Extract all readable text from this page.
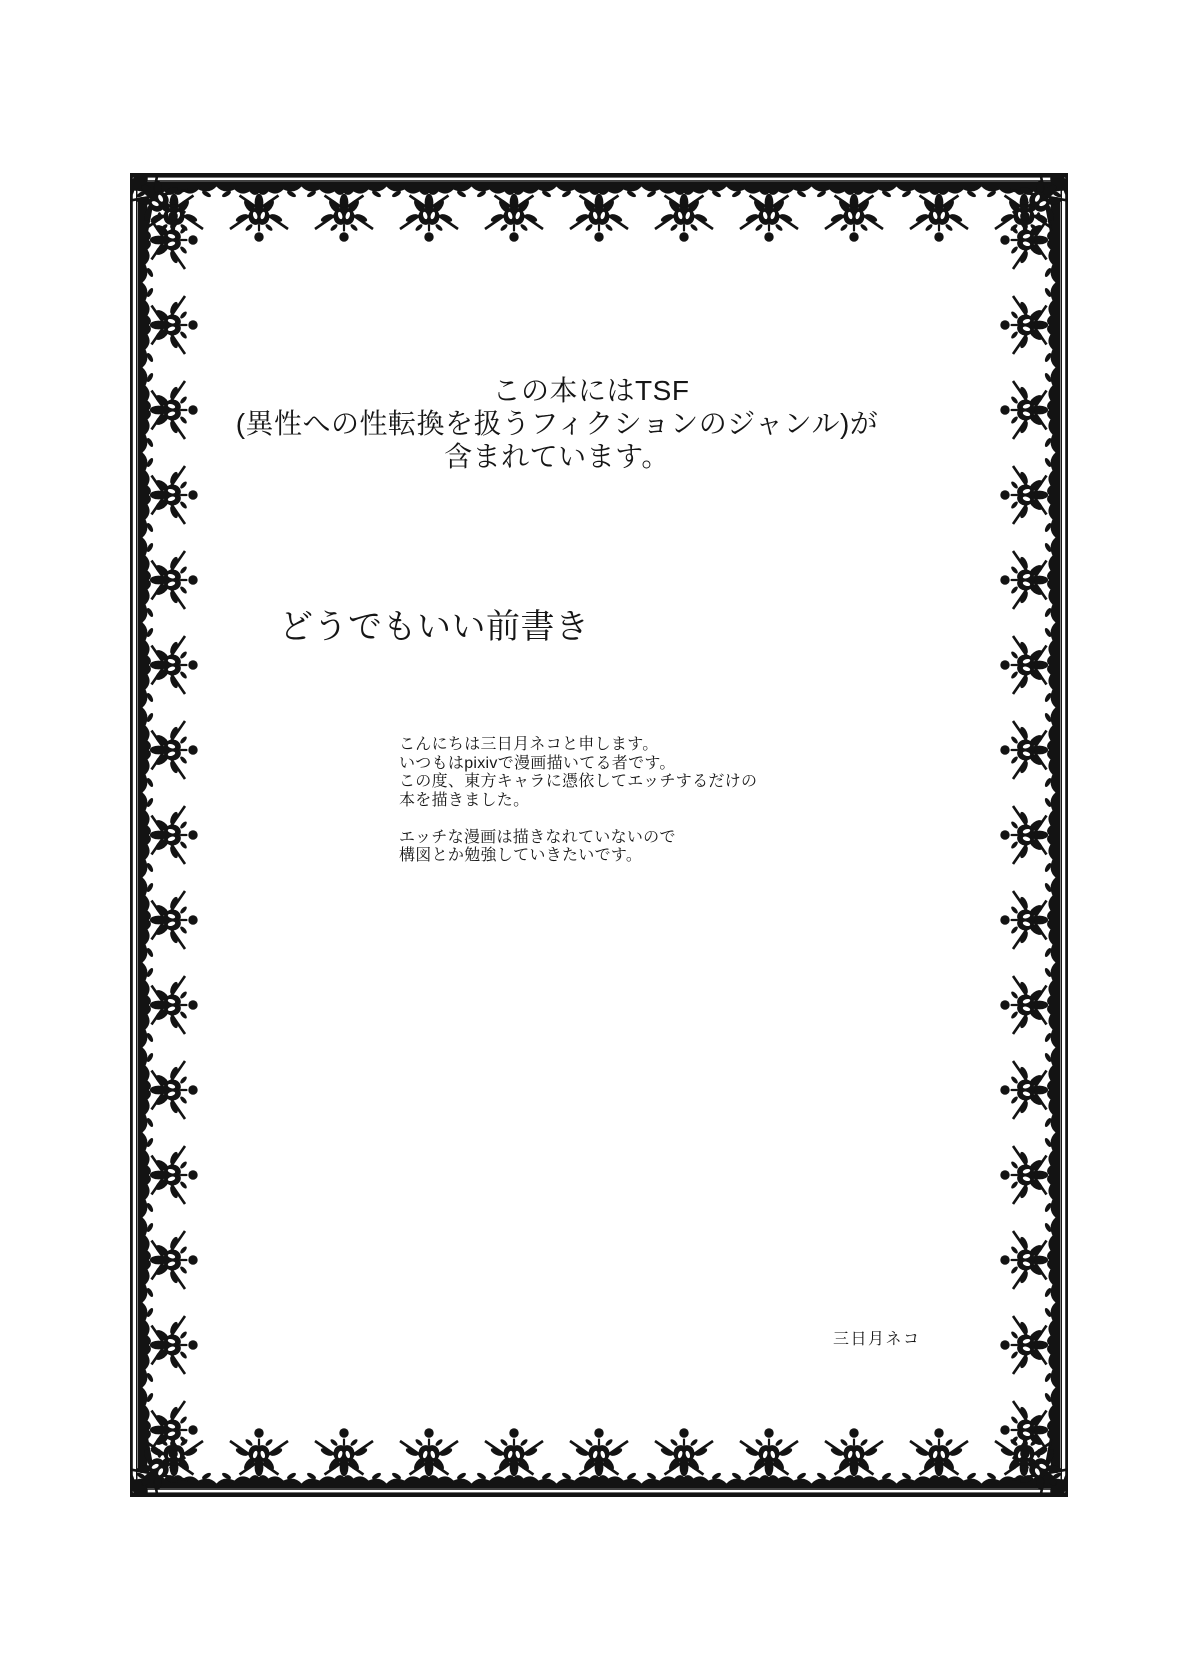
この本にはTSF
(異性への性転換を扱うフィクションのジャンル)が
含まれています。
どうでもいい前書き
こんにちは三日月ネコと申します。
いつもはpixivで漫画描いてる者です。
この度、東方キャラに憑依してエッチするだけの
本を描きました。
エッチな漫画は描きなれていないので
構図とか勉強していきたいです。
三日月ネコ
